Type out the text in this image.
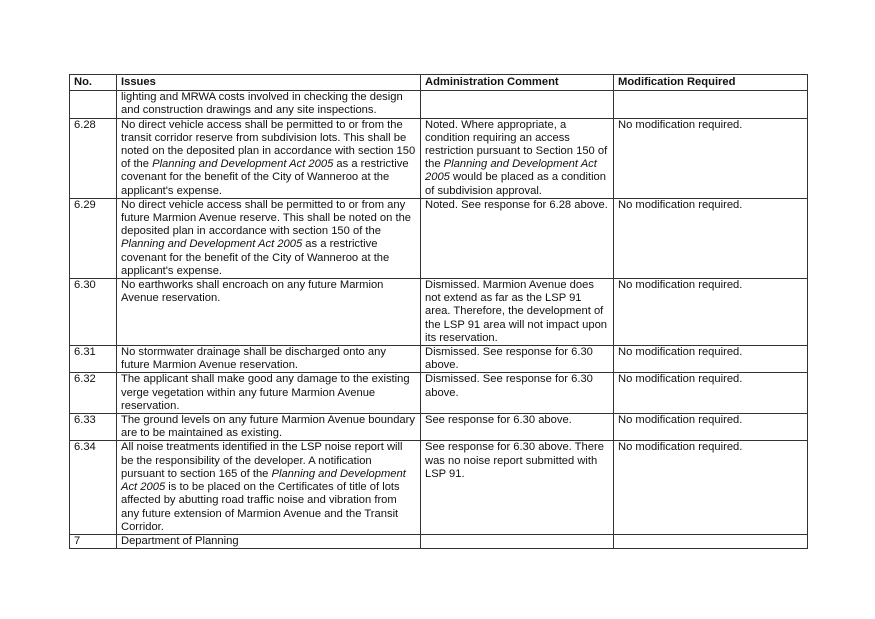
No.	Issues	Administration Comment	Modification Required
	lighting and MRWA costs involved in checking the design and construction drawings and any site inspections.		
6.28	No direct vehicle access shall be permitted to or from the transit corridor reserve from subdivision lots. This shall be noted on the deposited plan in accordance with section 150 of the Planning and Development Act 2005 as a restrictive covenant for the benefit of the City of Wanneroo at the applicant's expense.	Noted. Where appropriate, a condition requiring an access restriction pursuant to Section 150 of the Planning and Development Act 2005 would be placed as a condition of subdivision approval.	No modification required.
6.29	No direct vehicle access shall be permitted to or from any future Marmion Avenue reserve. This shall be noted on the deposited plan in accordance with section 150 of the Planning and Development Act 2005 as a restrictive covenant for the benefit of the City of Wanneroo at the applicant's expense.	Noted. See response for 6.28 above.	No modification required.
6.30	No earthworks shall encroach on any future Marmion Avenue reservation.	Dismissed. Marmion Avenue does not extend as far as the LSP 91 area. Therefore, the development of the LSP 91 area will not impact upon its reservation.	No modification required.
6.31	No stormwater drainage shall be discharged onto any future Marmion Avenue reservation.	Dismissed. See response for 6.30 above.	No modification required.
6.32	The applicant shall make good any damage to the existing verge vegetation within any future Marmion Avenue reservation.	Dismissed. See response for 6.30 above.	No modification required.
6.33	The ground levels on any future Marmion Avenue boundary are to be maintained as existing.	See response for 6.30 above.	No modification required.
6.34	All noise treatments identified in the LSP noise report will be the responsibility of the developer. A notification pursuant to section 165 of the Planning and Development Act 2005 is to be placed on the Certificates of title of lots affected by abutting road traffic noise and vibration from any future extension of Marmion Avenue and the Transit Corridor.	See response for 6.30 above. There was no noise report submitted with LSP 91.	No modification required.
7	Department of Planning		
